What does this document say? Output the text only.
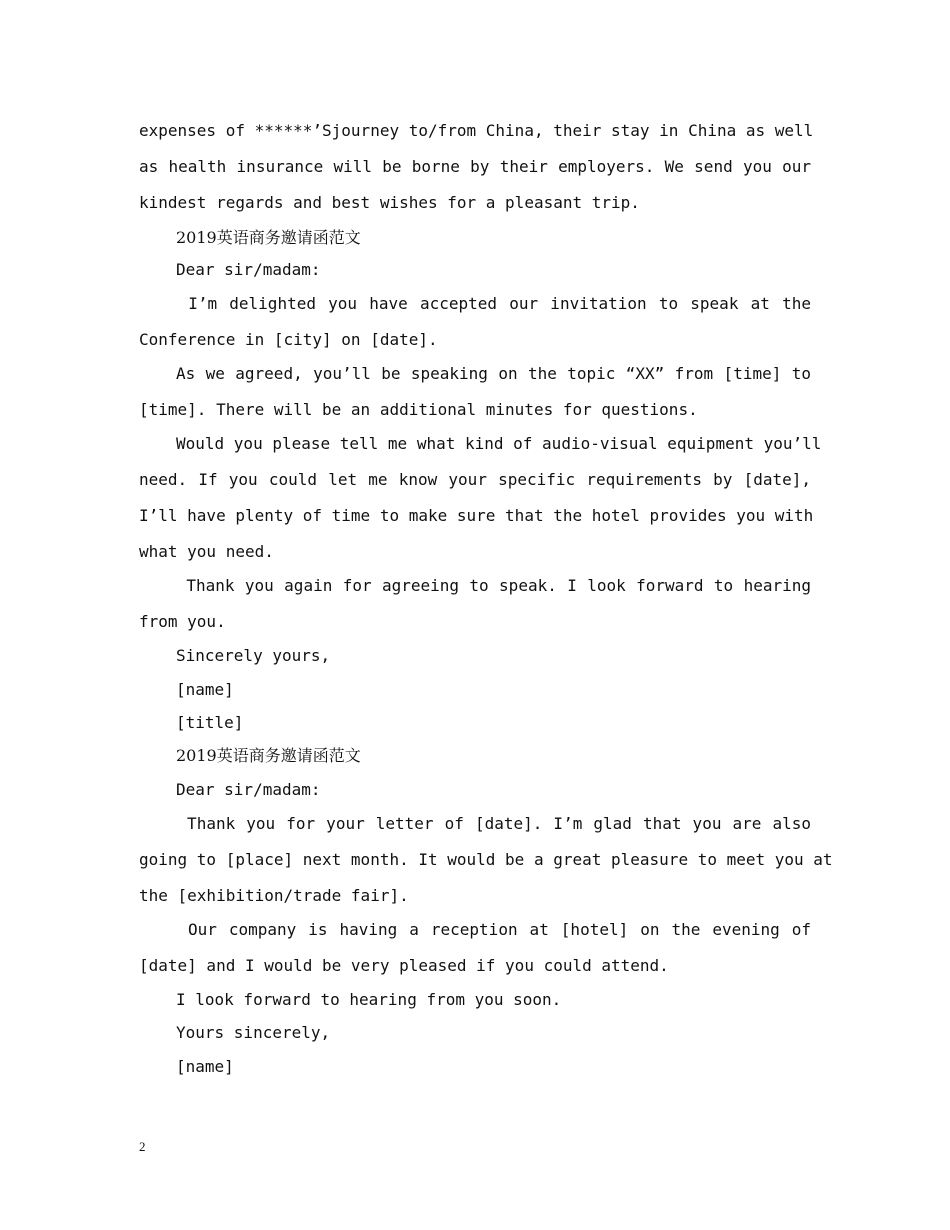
expenses of ******’Sjourney to/from China, their stay in China as well
as health insurance will be borne by their employers. We send you our
kindest regards and best wishes for a pleasant trip.
2019英语商务邀请函范文
Dear sir/madam:
I’m delighted you have accepted our invitation to speak at the
Conference in [city] on [date].
As we agreed, you’ll be speaking on the topic “XX” from [time] to
[time]. There will be an additional minutes for questions.
Would you please tell me what kind of audio-visual equipment you’ll
need. If you could let me know your specific requirements by [date],
I’ll have plenty of time to make sure that the hotel provides you with
what you need.
Thank you again for agreeing to speak. I look forward to hearing
from you.
Sincerely yours,
[name]
[title]
2019英语商务邀请函范文
Dear sir/madam:
Thank you for your letter of [date]. I’m glad that you are also
going to [place] next month. It would be a great pleasure to meet you at
the [exhibition/trade fair].
Our company is having a reception at [hotel] on the evening of
[date] and I would be very pleased if you could attend.
I look forward to hearing from you soon.
Yours sincerely,
[name]
2
